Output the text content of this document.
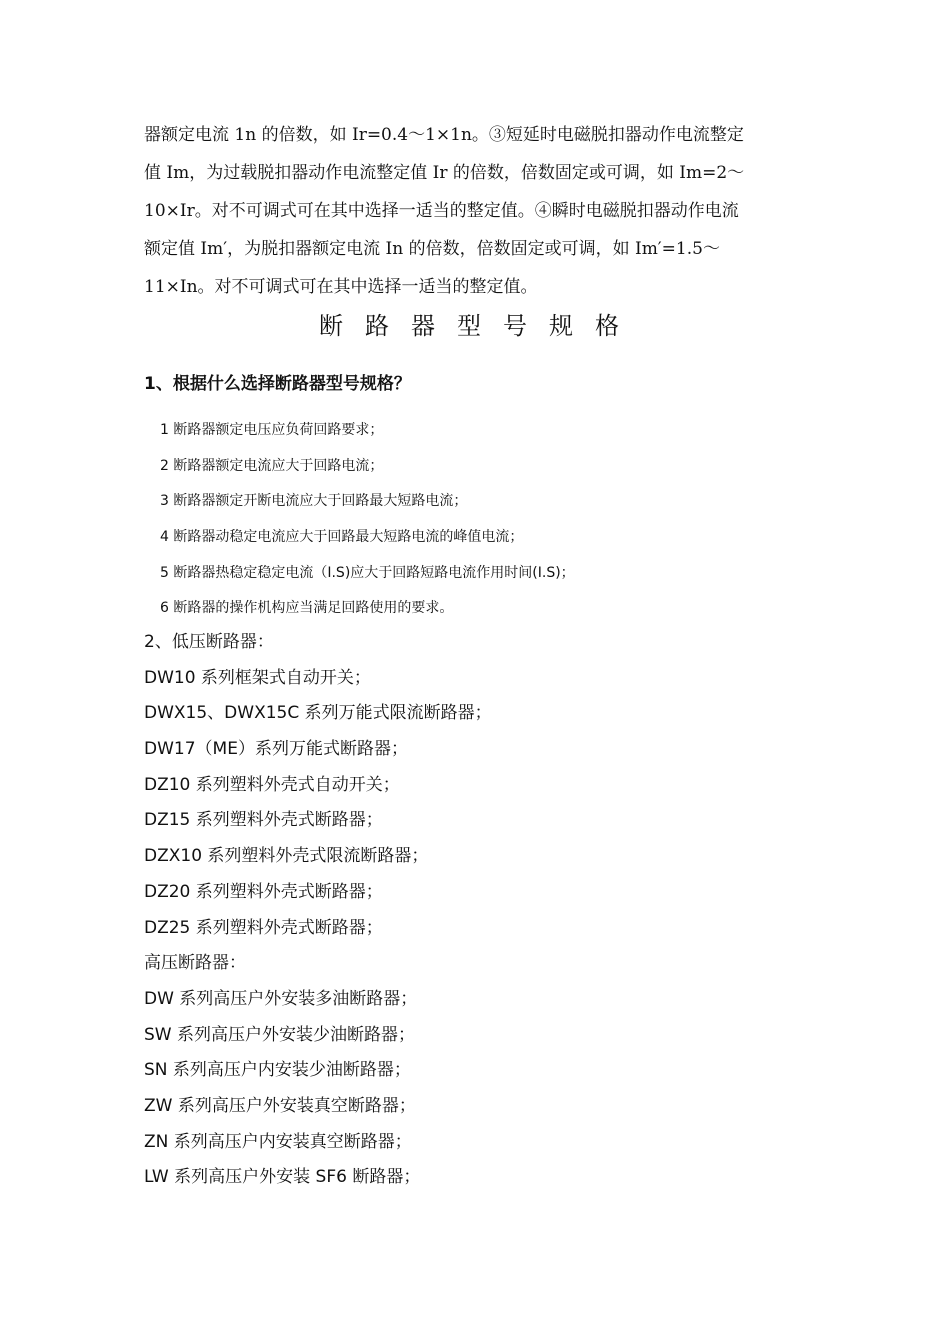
器额定电流 1n 的倍数，如 Ir=0.4～1×1n。③短延时电磁脱扣器动作电流整定
值 Im，为过载脱扣器动作电流整定值 Ir 的倍数，倍数固定或可调，如 Im=2～
10×Ir。对不可调式可在其中选择一适当的整定值。④瞬时电磁脱扣器动作电流
额定值 Im′，为脱扣器额定电流 In 的倍数，倍数固定或可调，如 Im′=1.5～
11×In。对不可调式可在其中选择一适当的整定值。
断路器型号规格
1、根据什么选择断路器型号规格？
1 断路器额定电压应负荷回路要求；
2 断路器额定电流应大于回路电流；
3 断路器额定开断电流应大于回路最大短路电流；
4 断路器动稳定电流应大于回路最大短路电流的峰值电流；
5 断路器热稳定稳定电流（I.S)应大于回路短路电流作用时间(I.S)；
6 断路器的操作机构应当满足回路使用的要求。
2、低压断路器：
DW10 系列框架式自动开关；
DWX15、DWX15C 系列万能式限流断路器；
DW17（ME）系列万能式断路器；
DZ10 系列塑料外壳式自动开关；
DZ15 系列塑料外壳式断路器；
DZX10 系列塑料外壳式限流断路器；
DZ20 系列塑料外壳式断路器；
DZ25 系列塑料外壳式断路器；
高压断路器：
DW 系列高压户外安装多油断路器；
SW 系列高压户外安装少油断路器；
SN 系列高压户内安装少油断路器；
ZW 系列高压户外安装真空断路器；
ZN 系列高压户内安装真空断路器；
LW 系列高压户外安装 SF6 断路器；
